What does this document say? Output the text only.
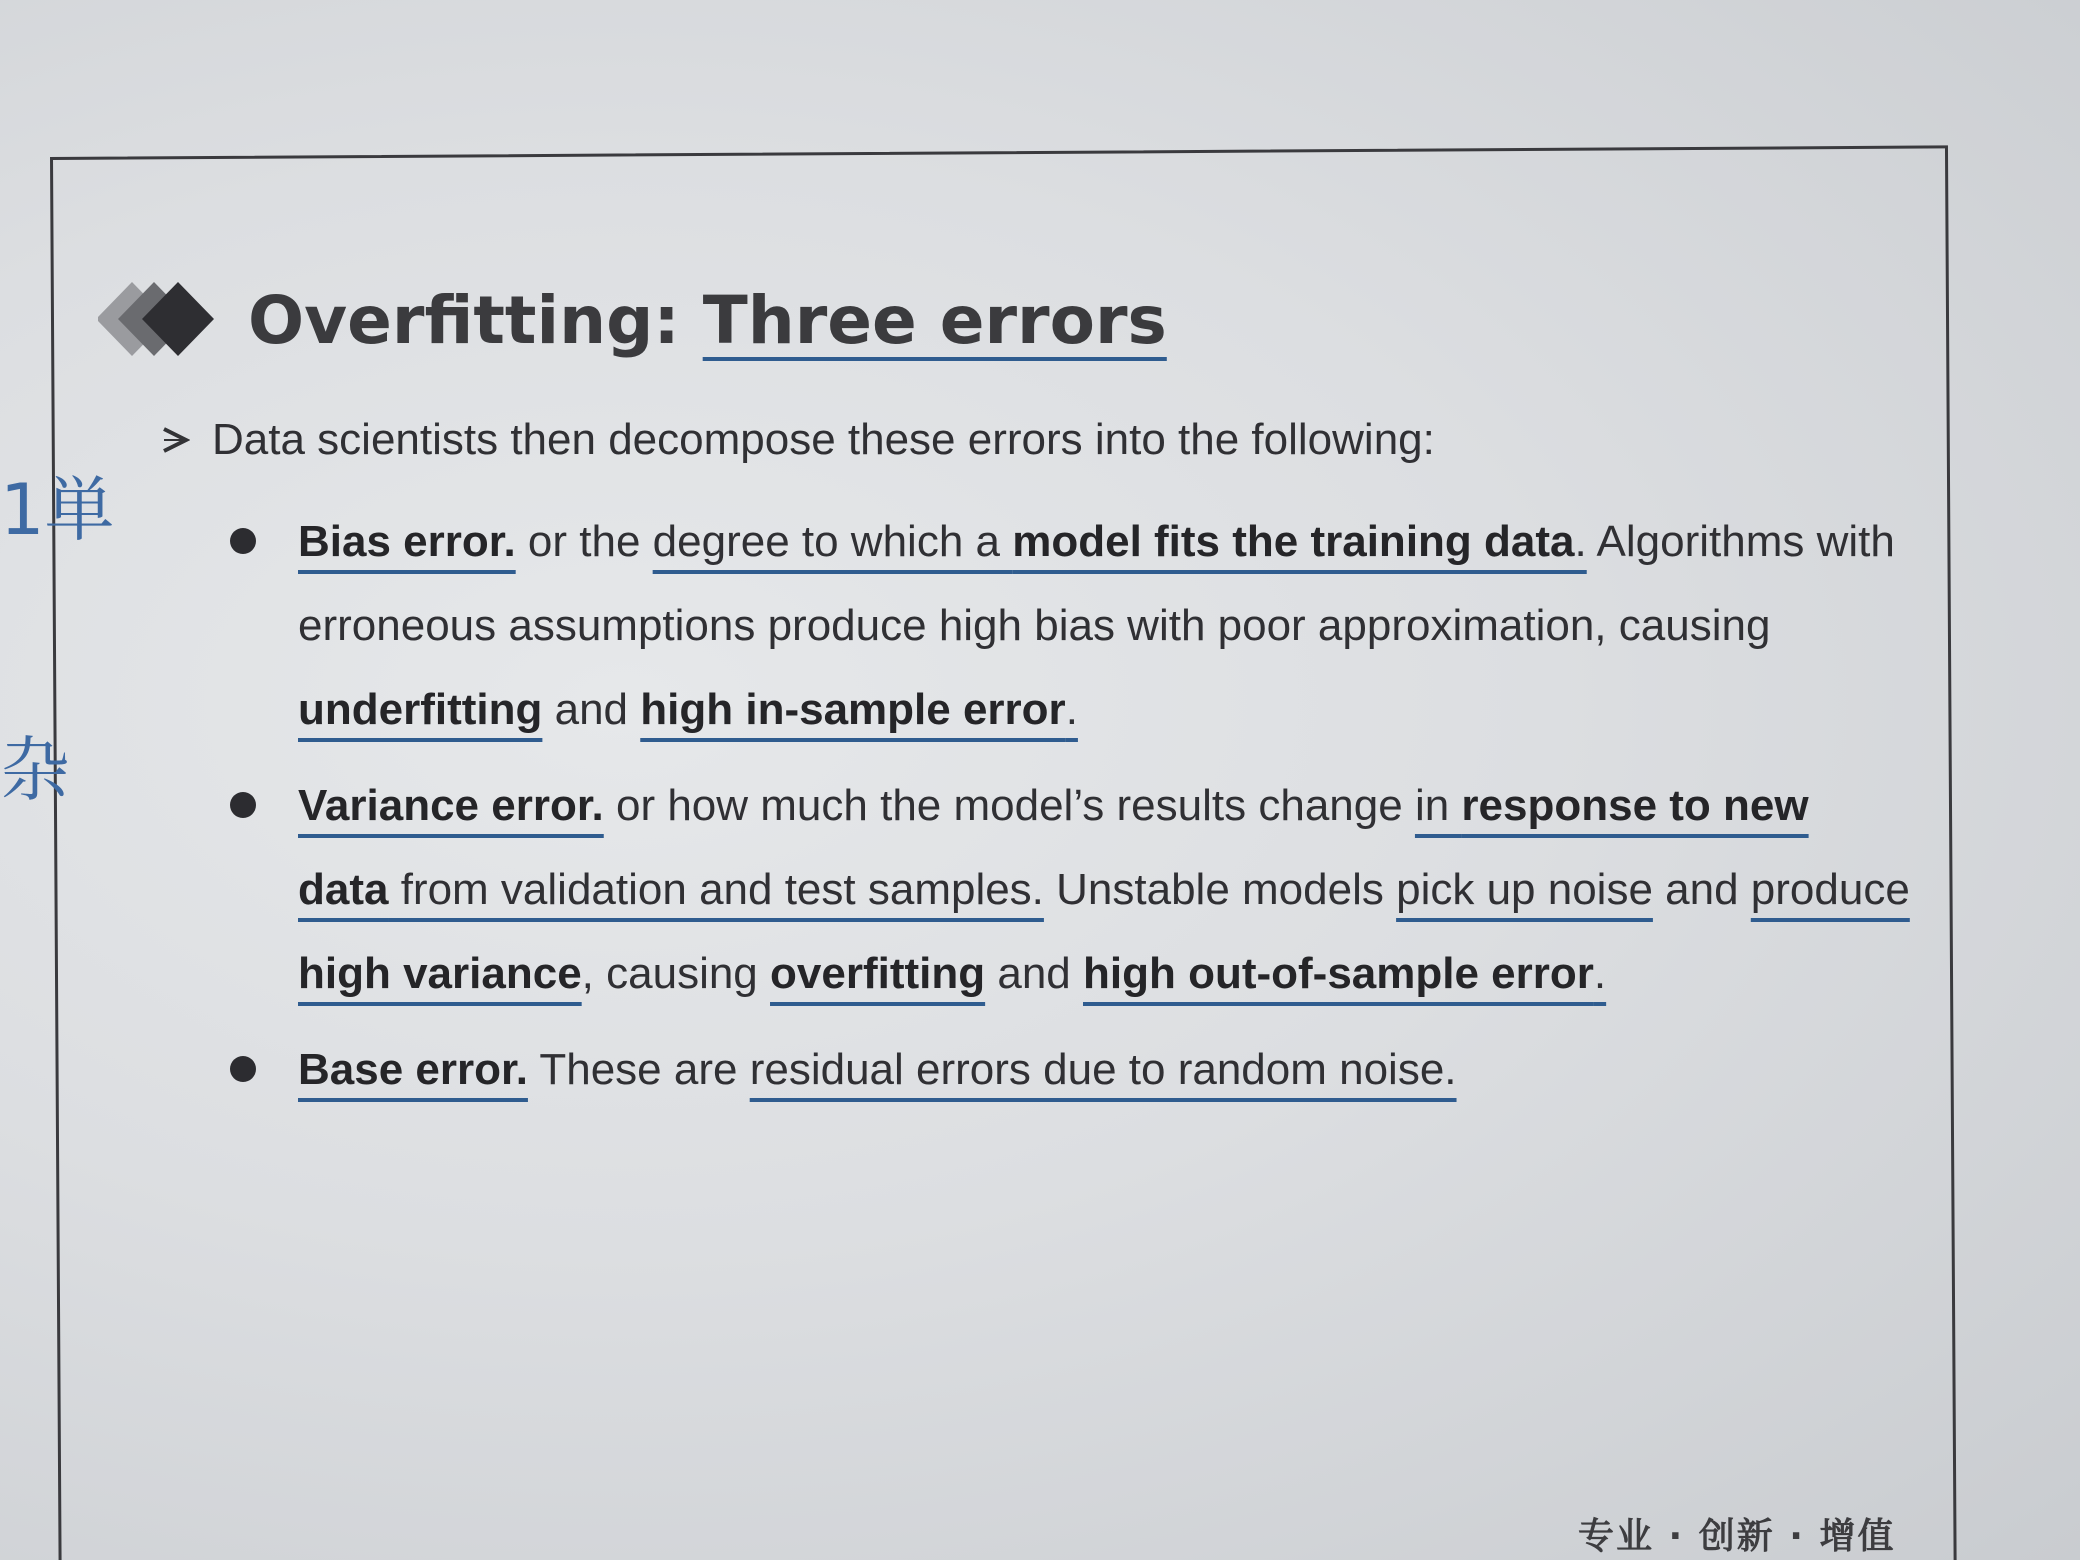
Overfitting: Three errors
Data scientists then decompose these errors into the following:
Bias error. or the degree to which a model fits the training data. Algorithms with erroneous assumptions produce high bias with poor approximation, causing underfitting and high in-sample error.
Variance error. or how much the model’s results change in response to new data from validation and test samples. Unstable models pick up noise and produce high variance, causing overfitting and high out-of-sample error.
Base error. These are residual errors due to random noise.
1単
杂
专业 · 创新 · 增值
